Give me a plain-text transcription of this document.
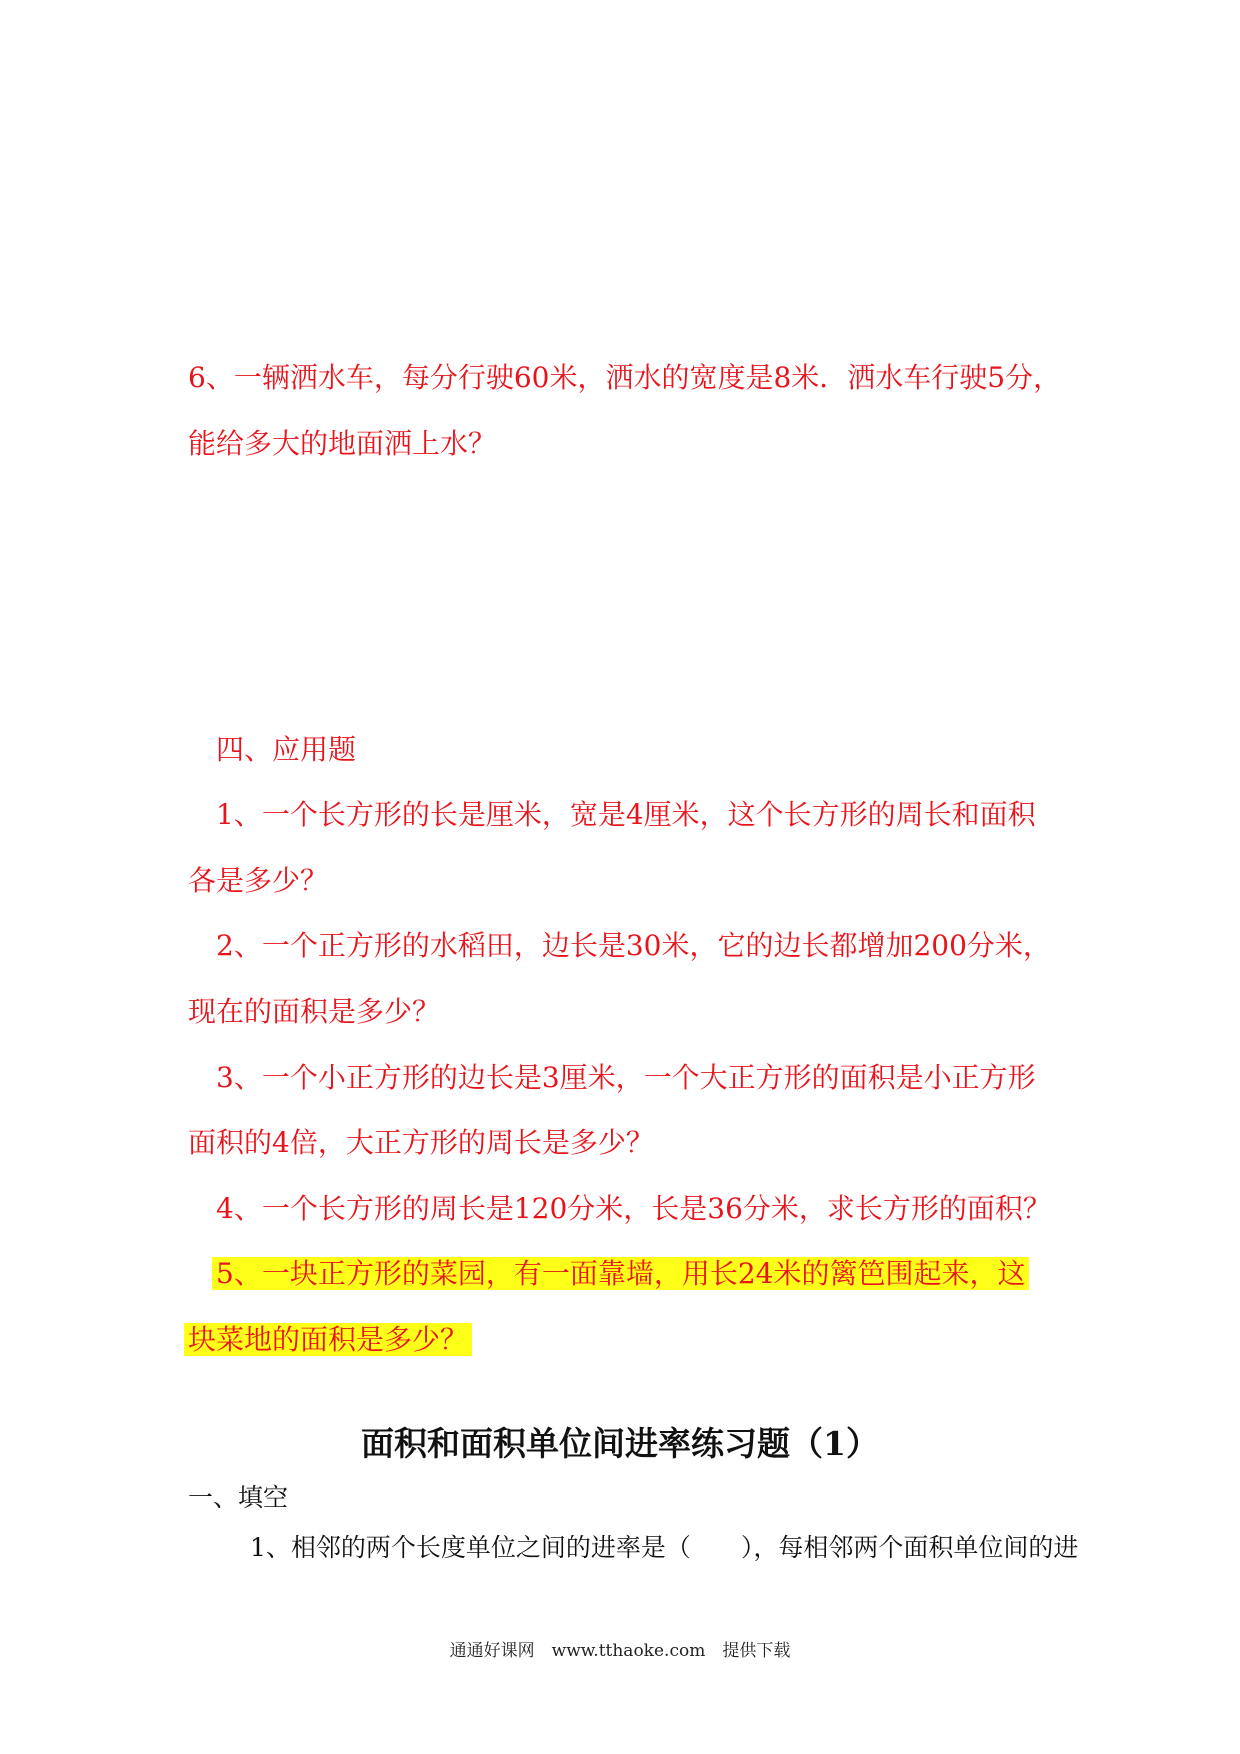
6、一辆洒水车，每分行驶60米，洒水的宽度是8米．洒水车行驶5分，
能给多大的地面洒上水？
四、应用题
1、一个长方形的长是厘米，宽是4厘米，这个长方形的周长和面积
各是多少？
2、一个正方形的水稻田，边长是30米，它的边长都增加200分米，
现在的面积是多少？
3、一个小正方形的边长是3厘米，一个大正方形的面积是小正方形
面积的4倍，大正方形的周长是多少？
4、一个长方形的周长是120分米，长是36分米，求长方形的面积？
5、一块正方形的菜园，有一面靠墙，用长24米的篱笆围起来，这
块菜地的面积是多少？
面积和面积单位间进率练习题（1）
一、填空
1、相邻的两个长度单位之间的进率是（　　），每相邻两个面积单位间的进
通通好课网　www.tthaoke.com　提供下载
